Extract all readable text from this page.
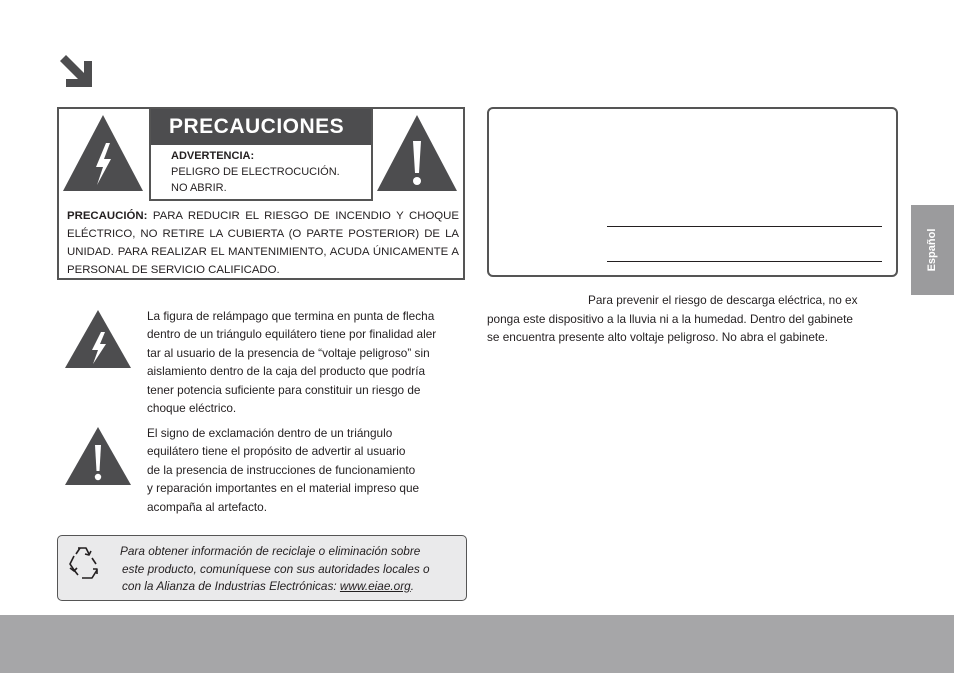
PRECAUCIONES
ADVERTENCIA:
PELIGRO DE ELECTROCUCIÓN.
NO ABRIR.
PRECAUCIÓN: PARA REDUCIR EL RIESGO DE INCENDIO Y CHOQUE ELÉCTRICO, NO RETIRE LA CUBIERTA (O PARTE POSTERIOR) DE LA UNIDAD. PARA REALIZAR EL MANTENIMIENTO, ACUDA ÚNICAMENTE A PERSONAL DE SERVICIO CALIFICADO.
La figura de relámpago que termina en punta de flecha
dentro de un triángulo equilátero tiene por finalidad aler
tar al usuario de la presencia de “voltaje peligroso” sin
aislamiento dentro de la caja del producto que podría
tener potencia suficiente para constituir un riesgo de
choque eléctrico.
El signo de exclamación dentro de un triángulo
equilátero tiene el propósito de advertir al usuario
de la presencia de instrucciones de funcionamiento
y reparación importantes en el material impreso que
acompaña al artefacto.
Para prevenir el riesgo de descarga eléctrica, no ex
ponga este dispositivo a la lluvia ni a la humedad. Dentro del gabinete
se encuentra presente alto voltaje peligroso. No abra el gabinete.
Para obtener información de reciclaje o eliminación sobre
este producto, comuníquese con sus autoridades locales o
con la Alianza de Industrias Electrónicas: www.eiae.org.
Español
